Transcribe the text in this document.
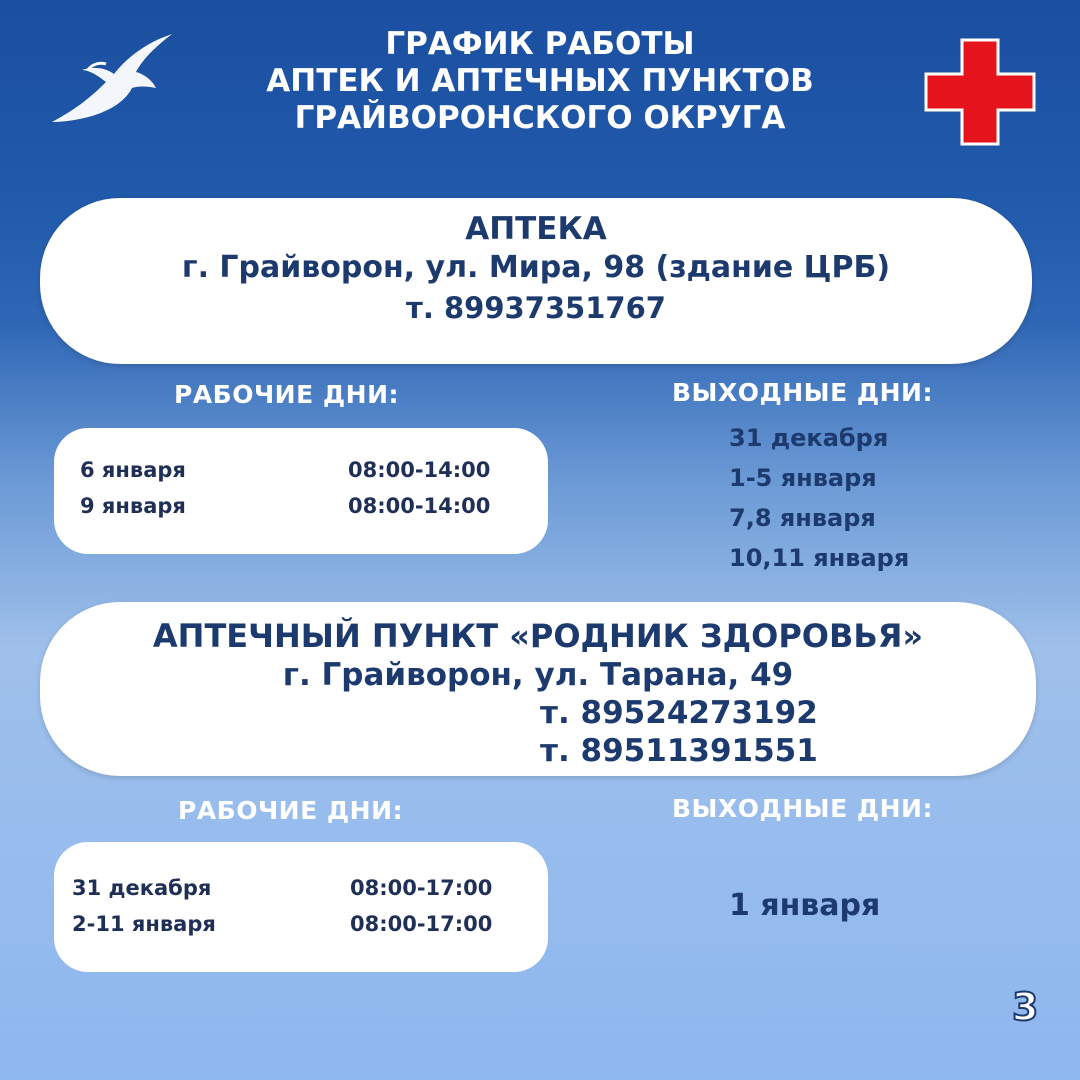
ГРАФИК РАБОТЫ
АПТЕК И АПТЕЧНЫХ ПУНКТОВ
ГРАЙВОРОНСКОГО ОКРУГА
АПТЕКА
г. Грайворон, ул. Мира, 98 (здание ЦРБ)
т. 89937351767
РАБОЧИЕ ДНИ:	ВЫХОДНЫЕ ДНИ:
6 января	08:00-14:00
9 января	08:00-14:00
31 декабря
1-5 января
7,8 января
10,11 января
АПТЕЧНЫЙ ПУНКТ «РОДНИК ЗДОРОВЬЯ»
г. Грайворон, ул. Тарана, 49
т. 89524273192
т. 89511391551
РАБОЧИЕ ДНИ:	ВЫХОДНЫЕ ДНИ:
31 декабря	08:00-17:00
2-11 января	08:00-17:00
1 января
3
